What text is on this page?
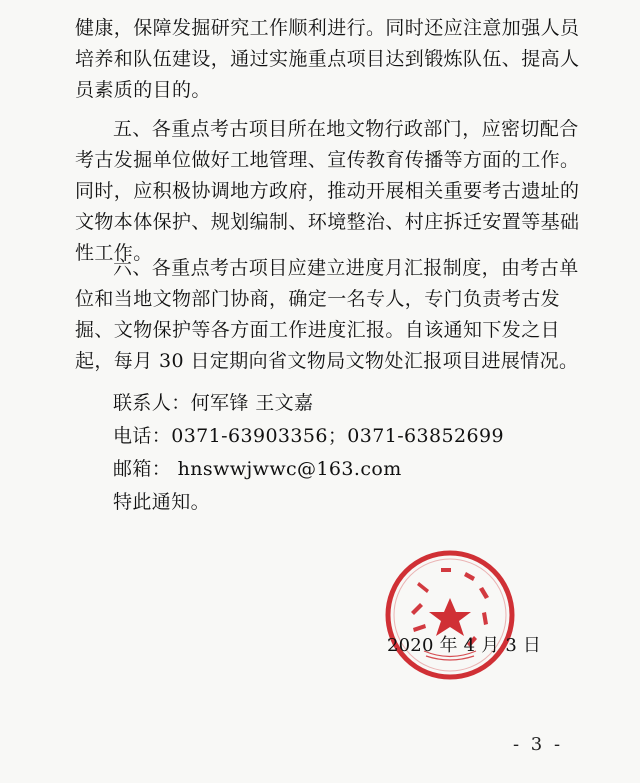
健康，保障发掘研究工作顺利进行。同时还应注意加强人员培养和队伍建设，通过实施重点项目达到锻炼队伍、提高人员素质的目的。
五、各重点考古项目所在地文物行政部门，应密切配合考古发掘单位做好工地管理、宣传教育传播等方面的工作。同时，应积极协调地方政府，推动开展相关重要考古遗址的文物本体保护、规划编制、环境整治、村庄拆迁安置等基础性工作。
六、各重点考古项目应建立进度月汇报制度，由考古单位和当地文物部门协商，确定一名专人，专门负责考古发掘、文物保护等各方面工作进度汇报。自该通知下发之日起，每月 30 日定期向省文物局文物处汇报项目进展情况。
联系人：何军锋 王文嘉
电话：0371-63903356；0371-63852699
邮箱： hnswwjwwc@163.com
特此通知。
2020 年 4 月 3 日
- 3 -
